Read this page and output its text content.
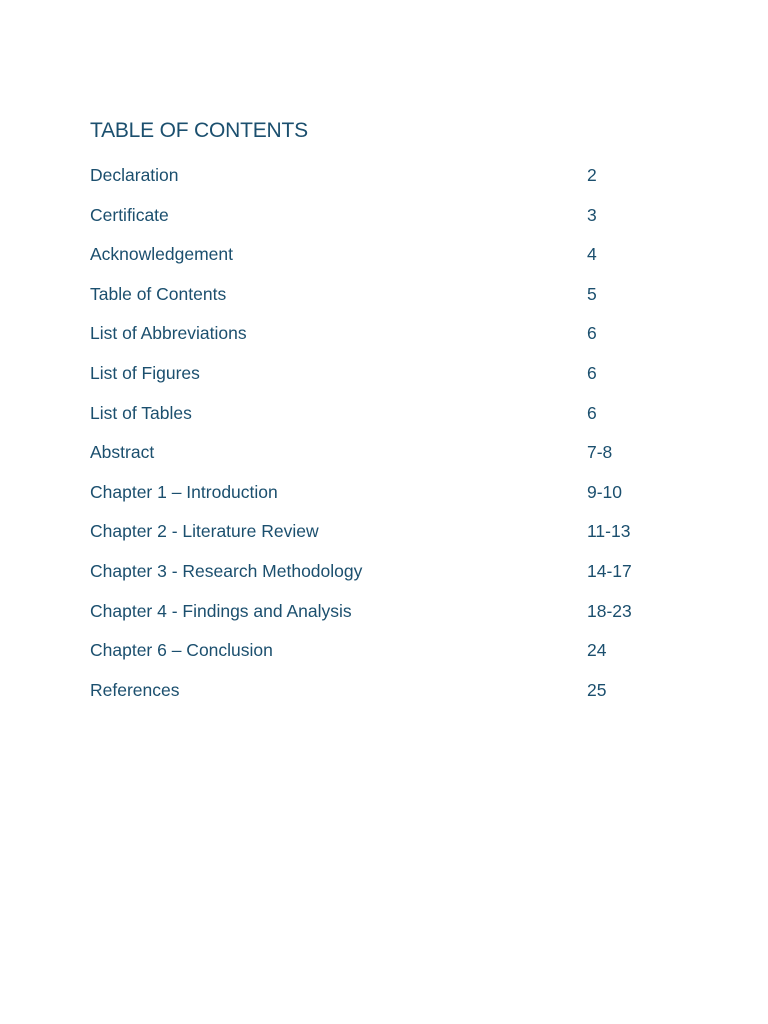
TABLE OF CONTENTS
Declaration	2
Certificate	3
Acknowledgement	4
Table of Contents	5
List of Abbreviations	6
List of Figures	6
List of Tables	6
Abstract	7-8
Chapter 1 – Introduction	9-10
Chapter 2 - Literature Review	11-13
Chapter 3 - Research Methodology	14-17
Chapter 4 - Findings and Analysis	18-23
Chapter 6 – Conclusion	24
References	25
